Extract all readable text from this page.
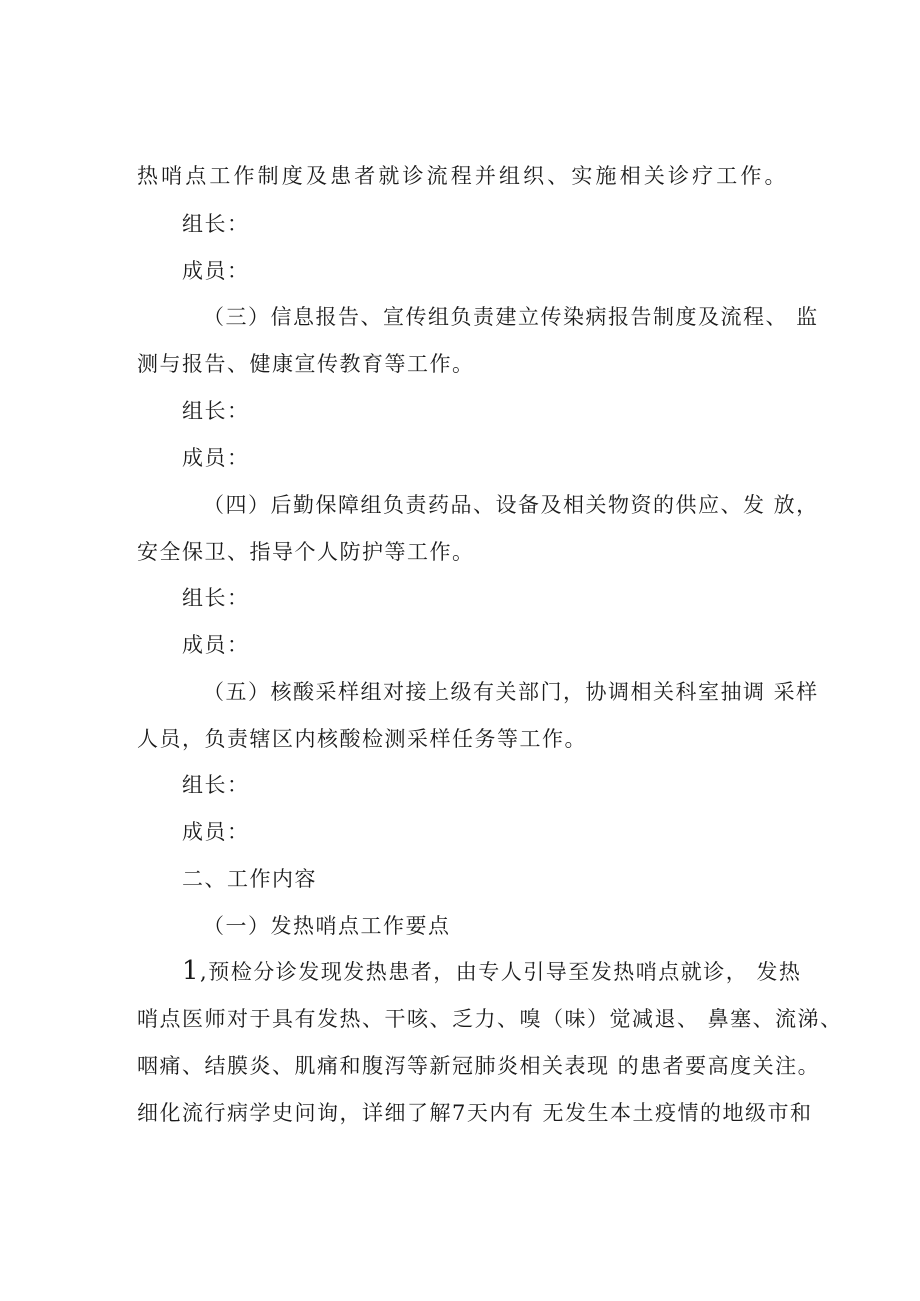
热哨点工作制度及患者就诊流程并组织、实施相关诊疗工作。
组长：
成员：
（三）信息报告、宣传组负责建立传染病报告制度及流程、 监
测与报告、健康宣传教育等工作。
组长：
成员：
（四）后勤保障组负责药品、设备及相关物资的供应、发 放，
安全保卫、指导个人防护等工作。
组长：
成员：
（五）核酸采样组对接上级有关部门，协调相关科室抽调 采样
人员，负责辖区内核酸检测采样任务等工作。
组长：
成员：
二、工作内容
（一）发热哨点工作要点
1,预检分诊发现发热患者，由专人引导至发热哨点就诊， 发热
哨点医师对于具有发热、干咳、乏力、嗅（味）觉减退、 鼻塞、流涕、
咽痛、结膜炎、肌痛和腹泻等新冠肺炎相关表现 的患者要高度关注。
细化流行病学史问询，详细了解7天内有 无发生本土疫情的地级市和
